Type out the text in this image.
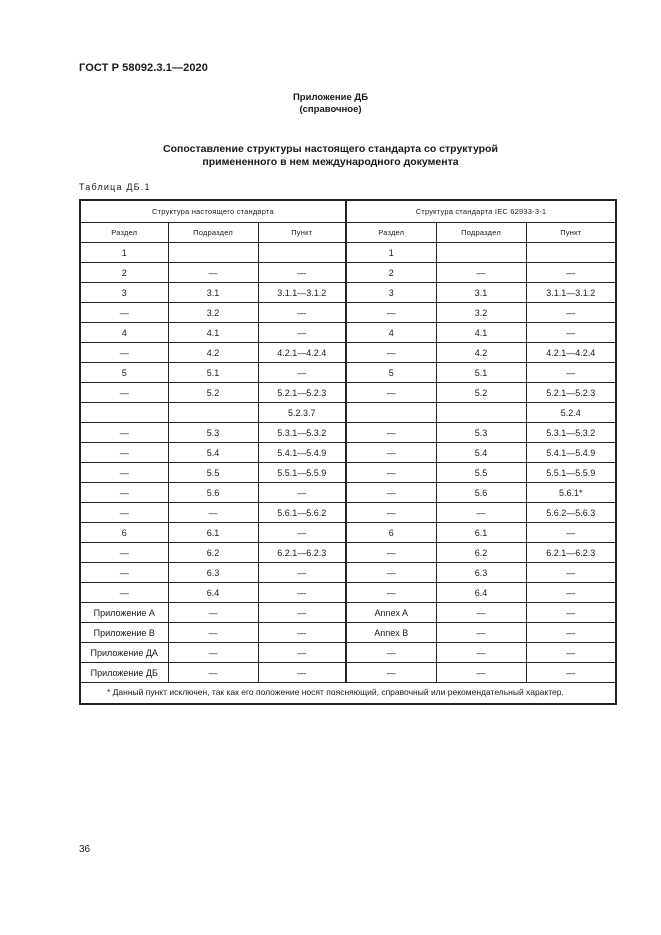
ГОСТ Р 58092.3.1—2020
Приложение ДБ
(справочное)
Сопоставление структуры настоящего стандарта со структурой
примененного в нем международного документа
Таблица ДБ.1
Структура настоящего стандарта			Структура стандарта IEC 62933-3-1		
Раздел	Подраздел	Пункт	Раздел	Подраздел	Пункт
1			1		
2	—	—	2	—	—
3	3.1	3.1.1—3.1.2	3	3.1	3.1.1—3.1.2
—	3.2	—	—	3.2	—
4	4.1	—	4	4.1	—
—	4.2	4.2.1—4.2.4	—	4.2	4.2.1—4.2.4
5	5.1	—	5	5.1	—
—	5.2	5.2.1—5.2.3	—	5.2	5.2.1—5.2.3
		5.2.3.7			5.2.4
—	5.3	5.3.1—5.3.2	—	5.3	5.3.1—5.3.2
—	5.4	5.4.1—5.4.9	—	5.4	5.4.1—5.4.9
—	5.5	5.5.1—5.5.9	—	5.5	5.5.1—5.5.9
—	5.6	—	—	5.6	5.6.1*
—	—	5.6.1—5.6.2	—	—	5.6.2—5.6.3
6	6.1	—	6	6.1	—
—	6.2	6.2.1—6.2.3	—	6.2	6.2.1—6.2.3
—	6.3	—	—	6.3	—
—	6.4	—	—	6.4	—
Приложение А	—	—	Annex A	—	—
Приложение В	—	—	Annex B	—	—
Приложение ДА	—	—	—	—	—
Приложение ДБ	—	—	—	—	—
* Данный пункт исключен, так как его положение носят поясняющий, справочный или рекомендательный характер.					
36
